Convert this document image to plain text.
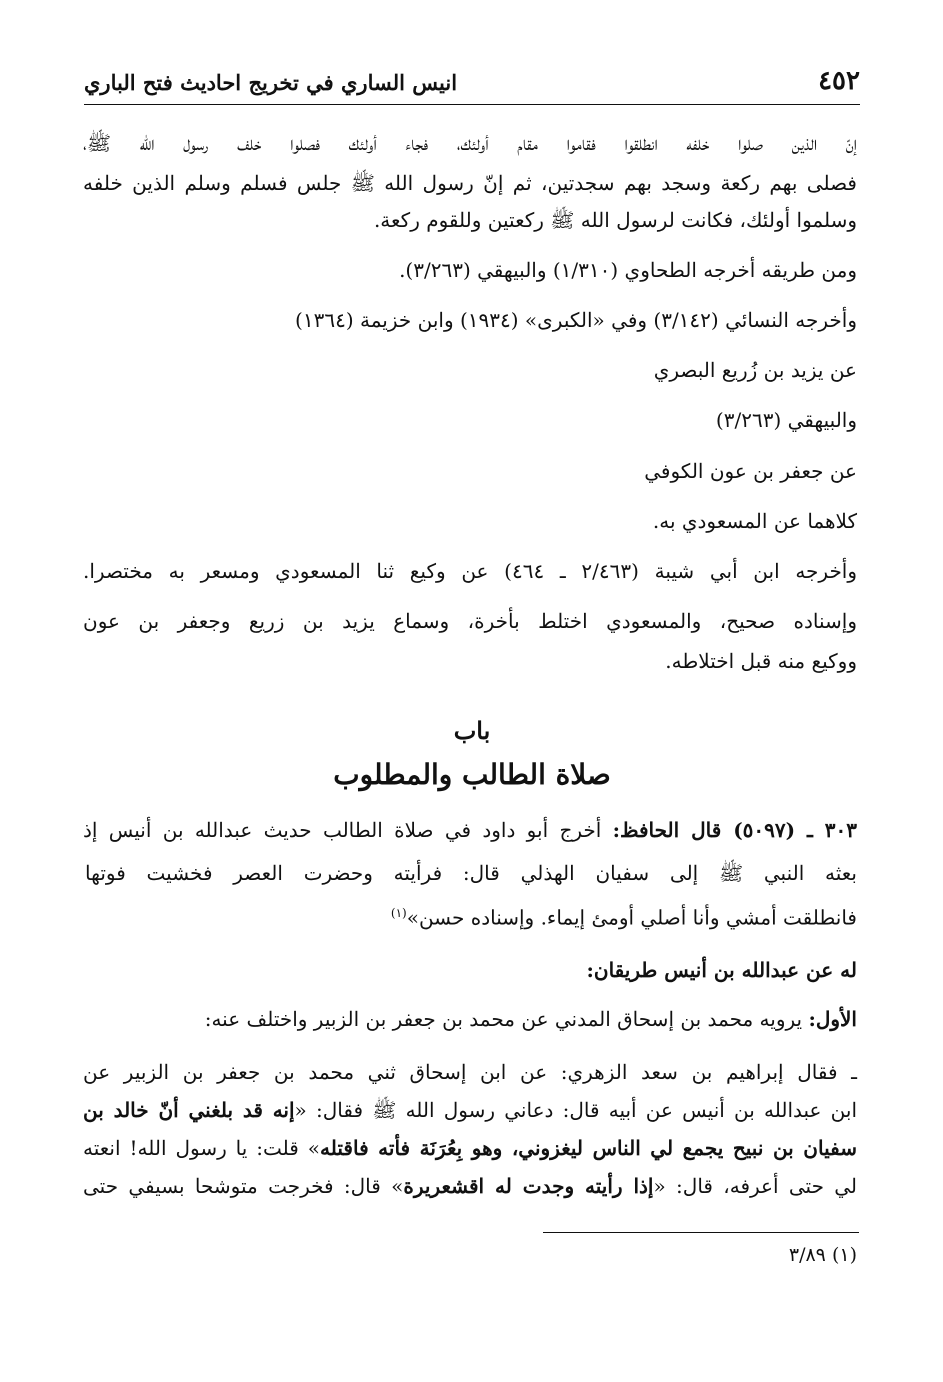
٤٥٢
انيس الساري في تخريج احاديث فتح الباري
إنّ الذين صلوا خلفه انطلقوا فقاموا مقام أولئك، فجاء أولئك فصلوا خلف رسول الله ﷺ،
فصلى بهم ركعة وسجد بهم سجدتين، ثم إنّ رسول الله ﷺ جلس فسلم وسلم الذين خلفه
وسلموا أولئك، فكانت لرسول الله ﷺ ركعتين وللقوم ركعة.
ومن طريقه أخرجه الطحاوي (١/٣١٠) والبيهقي (٣/٢٦٣).
وأخرجه النسائي (٣/١٤٢) وفي «الكبرى» (١٩٣٤) وابن خزيمة (١٣٦٤)
عن يزيد بن زُريع البصري
والبيهقي (٣/٢٦٣)
عن جعفر بن عون الكوفي
كلاهما عن المسعودي به.
وأخرجه ابن أبي شيبة (٢/٤٦٣ ـ ٤٦٤) عن وكيع ثنا المسعودي ومسعر به مختصرا.
وإسناده صحيح، والمسعودي اختلط بأخرة، وسماع يزيد بن زريع وجعفر بن عون
ووكيع منه قبل اختلاطه.
باب
صلاة الطالب والمطلوب
٣٠٣ ـ (٥٠٩٧) قال الحافظ: أخرج أبو داود في صلاة الطالب حديث عبدالله بن أنيس إذ
بعثه النبي ﷺ إلى سفيان الهذلي قال: فرأيته وحضرت العصر فخشيت فوتها
فانطلقت أمشي وأنا أصلي أومئ إيماء. وإسناده حسن»$^{(١)}$
له عن عبدالله بن أنيس طريقان:
الأول: يرويه محمد بن إسحاق المدني عن محمد بن جعفر بن الزبير واختلف عنه:
ـ فقال إبراهيم بن سعد الزهري: عن ابن إسحاق ثني محمد بن جعفر بن الزبير عن
ابن عبدالله بن أنيس عن أبيه قال: دعاني رسول الله ﷺ فقال: «إنه قد بلغني أنّ خالد بن
سفيان بن نبيح يجمع لي الناس ليغزوني، وهو بِعُرَنَة فأته فاقتله» قلت: يا رسول الله! انعته
لي حتى أعرفه، قال: «إذا رأيته وجدت له اقشعريرة» قال: فخرجت متوشحا بسيفي حتى
(١) ٣/٨٩
